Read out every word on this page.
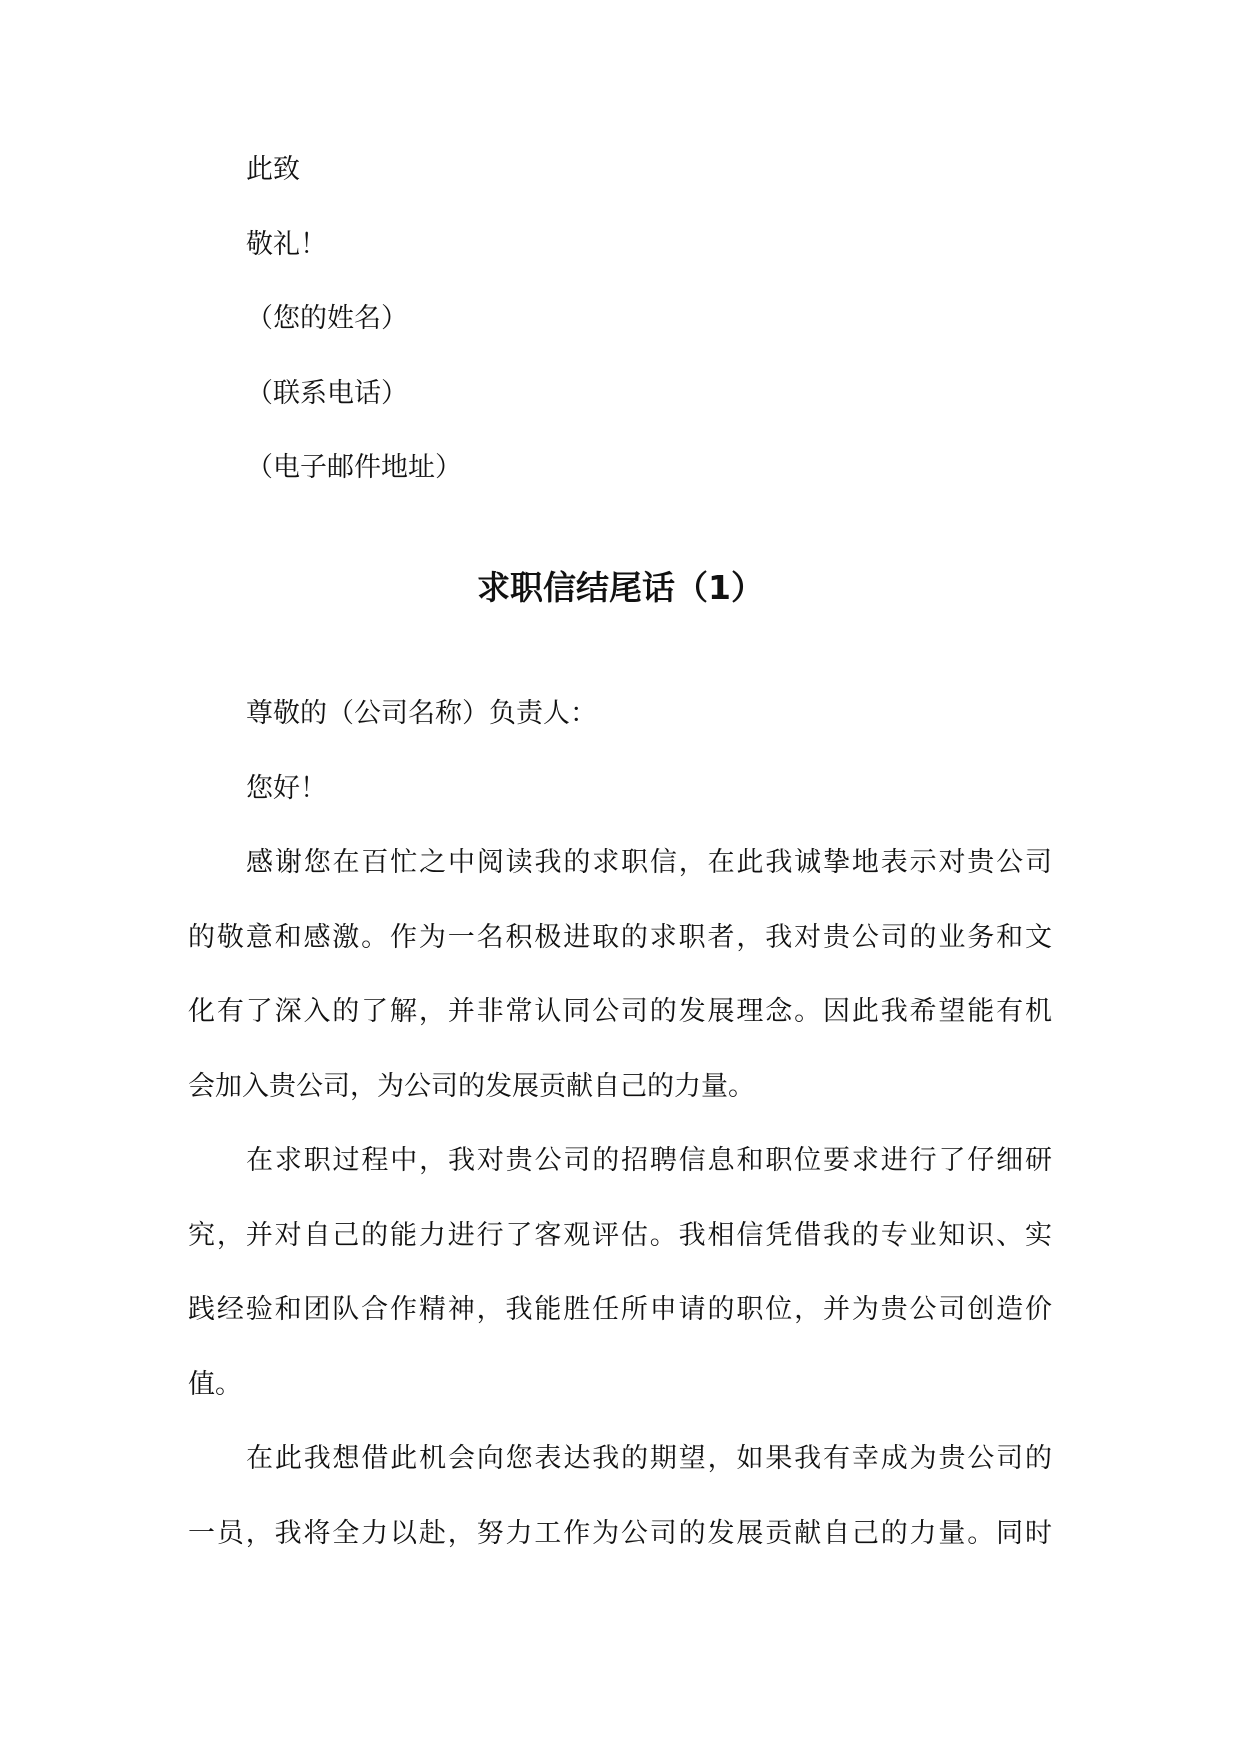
此致

敬礼！

（您的姓名）

（联系电话）

（电子邮件地址）

求职信结尾话（1）

尊敬的（公司名称）负责人：

您好！

感谢您在百忙之中阅读我的求职信，在此我诚挚地表示对贵公司

的敬意和感激。作为一名积极进取的求职者，我对贵公司的业务和文

化有了深入的了解，并非常认同公司的发展理念。因此我希望能有机

会加入贵公司，为公司的发展贡献自己的力量。

在求职过程中，我对贵公司的招聘信息和职位要求进行了仔细研

究，并对自己的能力进行了客观评估。我相信凭借我的专业知识、实

践经验和团队合作精神，我能胜任所申请的职位，并为贵公司创造价

值。

在此我想借此机会向您表达我的期望，如果我有幸成为贵公司的

一员，我将全力以赴，努力工作为公司的发展贡献自己的力量。同时
